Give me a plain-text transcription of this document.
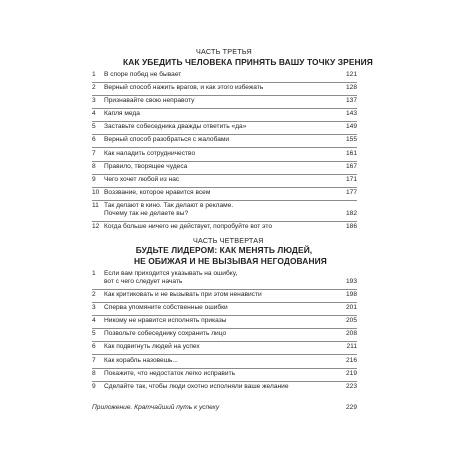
ЧАСТЬ ТРЕТЬЯ
КАК УБЕДИТЬ ЧЕЛОВЕКА ПРИНЯТЬ ВАШУ ТОЧКУ ЗРЕНИЯ
1	В споре побед не бывает	121
2	Верный способ нажить врагов, и как этого избежать	128
3	Признавайте свою неправоту	137
4	Капля меда	143
5	Заставьте собеседника дважды ответить «да»	149
6	Верный способ разобраться с жалобами	155
7	Как наладить сотрудничество	161
8	Правило, творящее чудеса	167
9	Чего хочет любой из нас	171
10 Воззвание, которое нравится всем	177
11 Так делают в кино. Так делают в рекламе.
Почему так не делаете вы?	182
12 Когда больше ничего не действует, попробуйте вот это	186
ЧАСТЬ ЧЕТВЕРТАЯ
БУДЬТЕ ЛИДЕРОМ: КАК МЕНЯТЬ ЛЮДЕЙ,
НЕ ОБИЖАЯ И НЕ ВЫЗЫВАЯ НЕГОДОВАНИЯ
1	Если вам приходится указывать на ошибку,
вот с чего следует начать	193
2	Как критиковать и не вызывать при этом ненависти	198
3	Сперва упомяните собственные ошибки	201
4	Никому не нравится исполнять приказы	205
5	Позвольте собеседнику сохранить лицо	208
6	Как подвигнуть людей на успех	211
7	Как корабль назовешь...	216
8	Покажите, что недостаток легко исправить	219
9	Сделайте так, чтобы люди охотно исполняли ваше желание	223
Приложение. Кратчайший путь к успеху	229
